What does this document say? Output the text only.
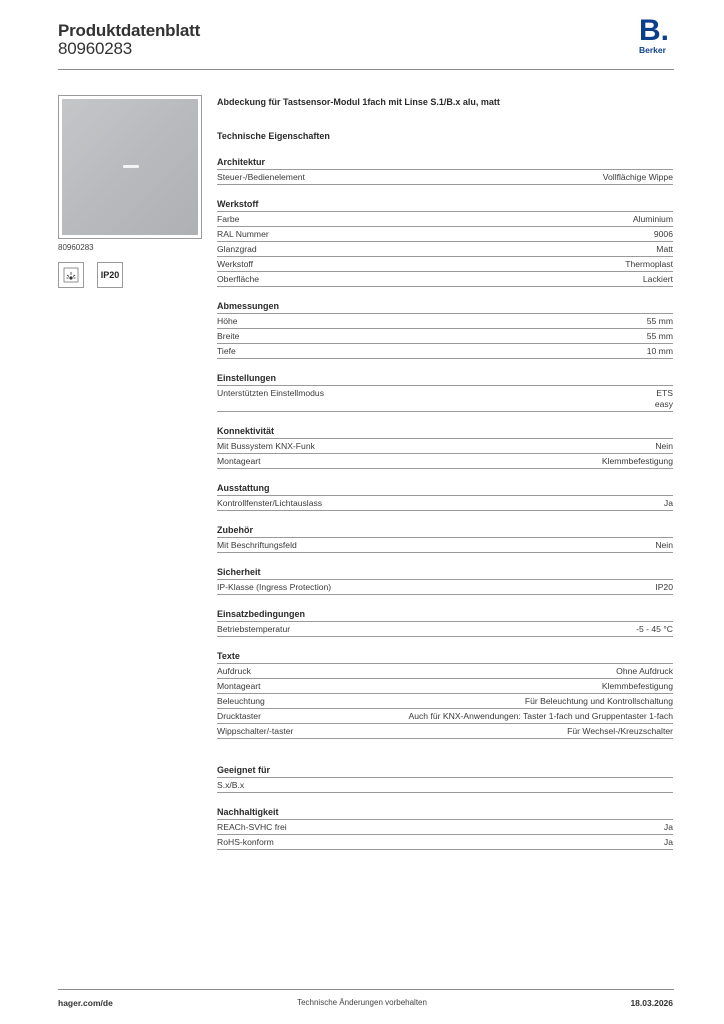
Produktdatenblatt
80960283
B.
Berker
80960283
IP20
Abdeckung für Tastsensor-Modul 1fach mit Linse S.1/B.x alu, matt
Technische Eigenschaften
Architektur
Steuer-/Bedienelement	Vollflächige Wippe
Werkstoff
Farbe	Aluminium
RAL Nummer	9006
Glanzgrad	Matt
Werkstoff	Thermoplast
Oberfläche	Lackiert
Abmessungen
Höhe	55 mm
Breite	55 mm
Tiefe	10 mm
Einstellungen
Unterstützten Einstellmodus	ETS
easy
Konnektivität
Mit Bussystem KNX-Funk	Nein
Montageart	Klemmbefestigung
Ausstattung
Kontrollfenster/Lichtauslass	Ja
Zubehör
Mit Beschriftungsfeld	Nein
Sicherheit
IP-Klasse (Ingress Protection)	IP20
Einsatzbedingungen
Betriebstemperatur	-5 - 45 °C
Texte
Aufdruck	Ohne Aufdruck
Montageart	Klemmbefestigung
Beleuchtung	Für Beleuchtung und Kontrollschaltung
Drucktaster	Auch für KNX-Anwendungen: Taster 1-fach und Gruppentaster 1-fach
Wippschalter/-taster	Für Wechsel-/Kreuzschalter
Geeignet für
S.x/B.x
Nachhaltigkeit
REACh-SVHC frei	Ja
RoHS-konform	Ja
hager.com/de	Technische Änderungen vorbehalten	18.03.2026
